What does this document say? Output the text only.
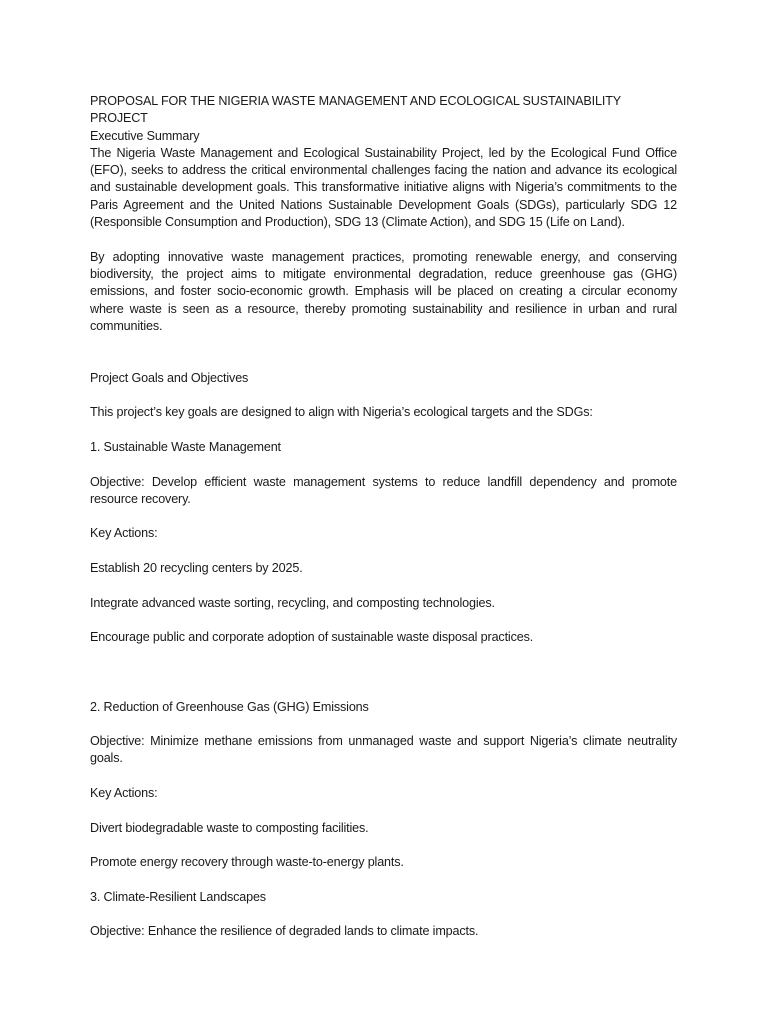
PROPOSAL FOR THE NIGERIA WASTE MANAGEMENT AND ECOLOGICAL SUSTAINABILITY PROJECT

Executive Summary

The Nigeria Waste Management and Ecological Sustainability Project, led by the Ecological Fund Office (EFO), seeks to address the critical environmental challenges facing the nation and advance its ecological and sustainable development goals. This transformative initiative aligns with Nigeria’s commitments to the Paris Agreement and the United Nations Sustainable Development Goals (SDGs), particularly SDG 12 (Responsible Consumption and Production), SDG 13 (Climate Action), and SDG 15 (Life on Land).

By adopting innovative waste management practices, promoting renewable energy, and conserving biodiversity, the project aims to mitigate environmental degradation, reduce greenhouse gas (GHG) emissions, and foster socio-economic growth. Emphasis will be placed on creating a circular economy where waste is seen as a resource, thereby promoting sustainability and resilience in urban and rural communities.

Project Goals and Objectives

This project’s key goals are designed to align with Nigeria’s ecological targets and the SDGs:

1. Sustainable Waste Management

Objective: Develop efficient waste management systems to reduce landfill dependency and promote resource recovery.

Key Actions:

Establish 20 recycling centers by 2025.

Integrate advanced waste sorting, recycling, and composting technologies.

Encourage public and corporate adoption of sustainable waste disposal practices.

2. Reduction of Greenhouse Gas (GHG) Emissions

Objective: Minimize methane emissions from unmanaged waste and support Nigeria’s climate neutrality goals.

Key Actions:

Divert biodegradable waste to composting facilities.

Promote energy recovery through waste-to-energy plants.

3. Climate-Resilient Landscapes

Objective: Enhance the resilience of degraded lands to climate impacts.
